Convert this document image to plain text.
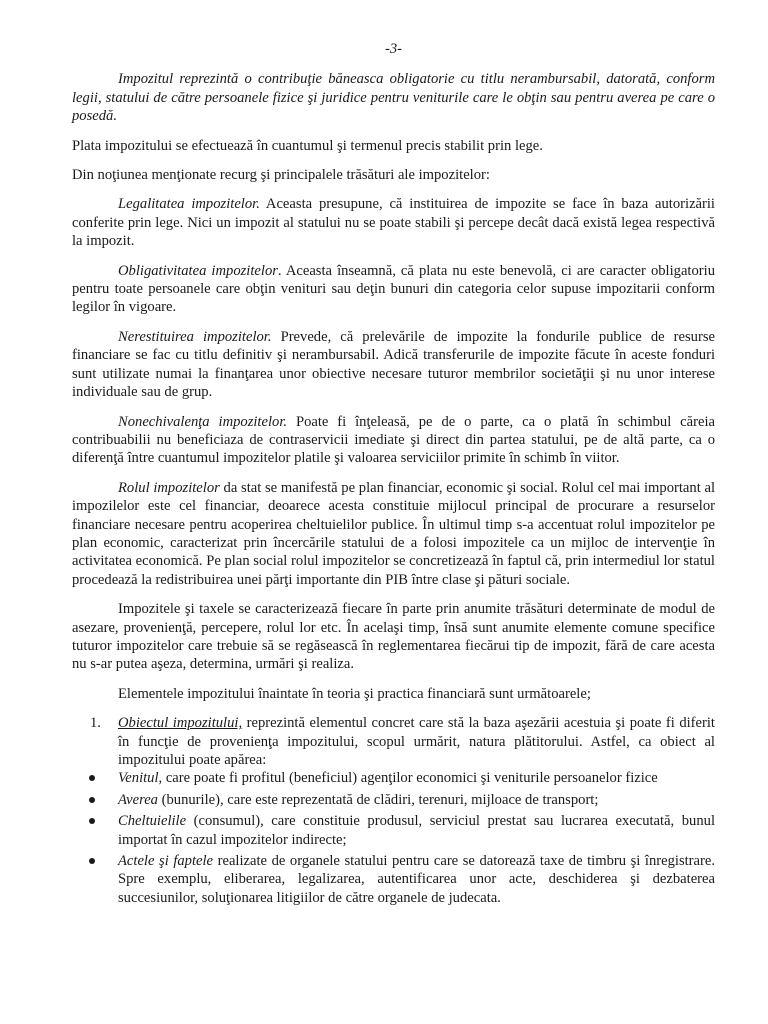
-3-

Impozitul reprezintă o contribuţie băneasca obligatorie cu titlu nerambursabil, datorată, conform legii, statului de către persoanele fizice şi juridice pentru veniturile care le obţin sau pentru averea pe care o posedă.

Plata impozitului se efectuează în cuantumul şi termenul precis stabilit prin lege.

Din noţiunea menţionate recurg şi principalele trăsături ale impozitelor:

Legalitatea impozitelor. Aceasta presupune, că instituirea de impozite se face în baza autorizării conferite prin lege. Nici un impozit al statului nu se poate stabili şi percepe decât dacă există legea respectivă la impozit.

Obligativitatea impozitelor. Aceasta înseamnă, că plata nu este benevolă, ci are caracter obligatoriu pentru toate persoanele care obţin venituri sau deţin bunuri din categoria celor supuse impozitarii conform legilor în vigoare.

Nerestituirea impozitelor. Prevede, că prelevările de impozite la fondurile publice de resurse financiare se fac cu titlu definitiv şi nerambursabil. Adică transferurile de impozite făcute în aceste fonduri sunt utilizate numai la finanţarea unor obiective necesare tuturor membrilor societăţii şi nu unor interese individuale sau de grup.

Nonechivalenţa impozitelor. Poate fi înţeleasă, pe de o parte, ca o plată în schimbul căreia contribuabilii nu beneficiaza de contraservicii imediate şi direct din partea statului, pe de altă parte, ca o diferenţă între cuantumul impozitelor platile şi valoarea serviciilor primite în schimb în viitor.

Rolul impozitelor da stat se manifestă pe plan financiar, economic şi social. Rolul cel mai important al impozilelor este cel financiar, deoarece acesta constituie mijlocul principal de procurare a resurselor financiare necesare pentru acoperirea cheltuielilor publice. În ultimul timp s-a accentuat rolul impozitelor pe plan economic, caracterizat prin încercările statului de a folosi impozitele ca un mijloc de intervenţie în activitatea economică. Pe plan social rolul impozitelor se concretizează în faptul că, prin intermediul lor statul procedează la redistribuirea unei părţi importante din PIB între clase şi pături sociale.

Impozitele şi taxele se caracterizează fiecare în parte prin anumite trăsături determinate de modul de asezare, provenienţă, percepere, rolul lor etc. În acelaşi timp, însă sunt anumite elemente comune specifice tuturor impozitelor care trebuie să se regăsească în reglementarea fiecărui tip de impozit, fără de care acesta nu s-ar putea aşeza, determina, urmări şi realiza.

Elementele impozitului înaintate în teoria şi practica financiară sunt următoarele;

1. Obiectul impozitului, reprezintă elementul concret care stă la baza aşezării acestuia şi poate fi diferit în funcţie de provenienţa impozitului, scopul urmărit, natura plătitorului. Astfel, ca obiect al impozitului poate apărea:
Venitul, care poate fi profitul (beneficiul) agenţilor economici şi veniturile persoanelor fizice
Averea (bunurile), care este reprezentată de clădiri, terenuri, mijloace de transport;
Cheltuielile (consumul), care constituie produsul, serviciul prestat sau lucrarea executată, bunul importat în cazul impozitelor indirecte;
Actele şi faptele realizate de organele statului pentru care se datorează taxe de timbru şi înregistrare. Spre exemplu, eliberarea, legalizarea, autentificarea unor acte, deschiderea şi dezbaterea succesiunilor, soluţionarea litigiilor de către organele de judecata.
